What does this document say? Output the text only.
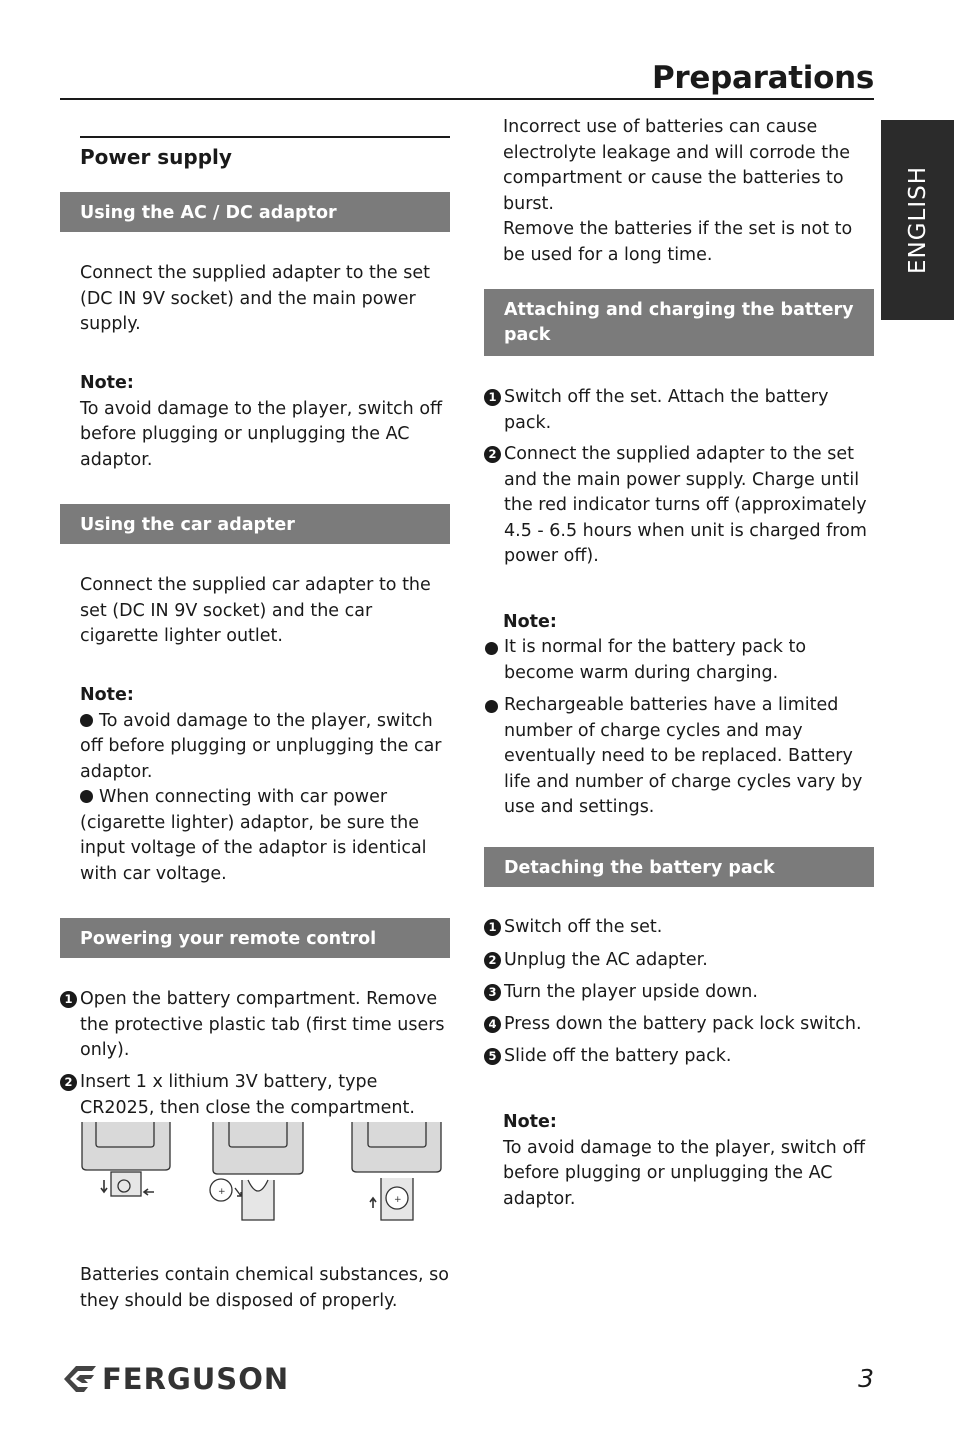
Preparations
ENGLISH
Power supply
Using the AC / DC adaptor
Connect the supplied adapter to the set (DC IN 9V socket) and the main power supply.
Note:
To avoid damage to the player, switch off before plugging or unplugging the AC adaptor.
Using the car adapter
Connect the supplied car adapter to the set (DC IN 9V socket) and the car cigarette lighter outlet.
Note:
To avoid damage to the player, switch off before plugging or unplugging the car adaptor.
When connecting with car power (cigarette lighter) adaptor, be sure the input voltage of the adaptor is identical with car voltage.
Powering your remote control
1 Open the battery compartment. Remove the protective plastic tab (first time users only).
2 Insert 1 x lithium 3V battery, type CR2025, then close the compartment.
+
+
Batteries contain chemical substances, so they should be disposed of properly.
Incorrect use of batteries can cause electrolyte leakage and will corrode the compartment or cause the batteries to burst.
Remove the batteries if the set is not to be used for a long time.
Attaching and charging the battery pack
1 Switch off the set. Attach the battery pack.
2 Connect the supplied adapter to the set and the main power supply. Charge until the red indicator turns off (approximately 4.5 - 6.5 hours when unit is charged from power off).
Note:
It is normal for the battery pack to become warm during charging.
Rechargeable batteries have a limited number of charge cycles and may eventually need to be replaced. Battery life and number of charge cycles vary by use and settings.
Detaching the battery pack
1 Switch off the set.
2 Unplug the AC adapter.
3 Turn the player upside down.
4 Press down the battery pack lock switch.
5 Slide off the battery pack.
Note:
To avoid damage to the player, switch off before plugging or unplugging the AC adaptor.
FERGUSON	3
